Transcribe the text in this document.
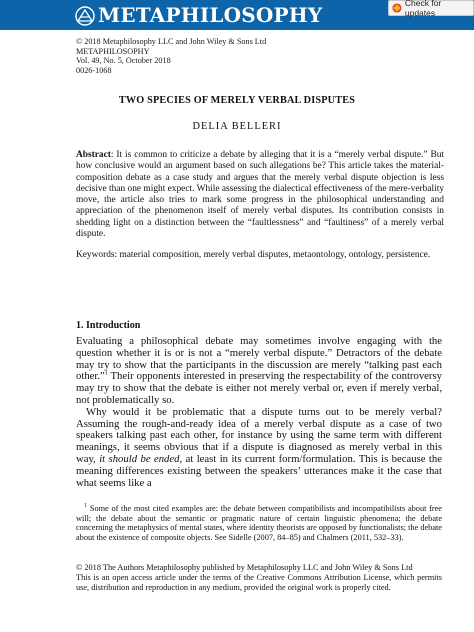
METAPHILOSOPHY	Check for updates
© 2018 Metaphilosophy LLC and John Wiley & Sons Ltd
METAPHILOSOPHY
Vol. 49, No. 5, October 2018
0026-1068
TWO SPECIES OF MERELY VERBAL DISPUTES
DELIA BELLERI
Abstract: It is common to criticize a debate by alleging that it is a “merely verbal dispute.” But how conclusive would an argument based on such allegations be? This article takes the material-composition debate as a case study and argues that the merely verbal dispute objection is less decisive than one might expect. While assessing the dialectical effectiveness of the mere-verbality move, the article also tries to mark some progress in the philosophical understanding and appreciation of the phenomenon itself of merely verbal disputes. Its contribution consists in shedding light on a distinction between the “faultlessness” and “faultiness” of a merely verbal dispute.
Keywords: material composition, merely verbal disputes, metaontology, ontology, persistence.
1. Introduction

Evaluating a philosophical debate may sometimes involve engaging with the question whether it is or is not a “merely verbal dispute.” Detractors of the debate may try to show that the participants in the discussion are merely “talking past each other.”$^1$ Their opponents interested in preserving the respectability of the controversy may try to show that the debate is either not merely verbal or, even if merely verbal, not problematically so.

Why would it be problematic that a dispute turns out to be merely verbal? Assuming the rough-and-ready idea of a merely verbal dispute as a case of two speakers talking past each other, for instance by using the same term with different meanings, it seems obvious that if a dispute is diagnosed as merely verbal in this way, it should be ended, at least in its current form/formulation. This is because the meaning differences existing between the speakers’ utterances make it the case that what seems like a

$^1$ Some of the most cited examples are: the debate between compatibilists and incompatibilists about free will; the debate about the semantic or pragmatic nature of certain linguistic phenomena; the debate concerning the metaphysics of mental states, where identity theorists are opposed by functionalists; the debate about the existence of composite objects. See Sidelle (2007, 84–85) and Chalmers (2011, 532–33).

© 2018 The Authors Metaphilosophy published by Metaphilosophy LLC and John Wiley & Sons Ltd

This is an open access article under the terms of the Creative Commons Attribution License, which permits use, distribution and reproduction in any medium, provided the original work is properly cited.
